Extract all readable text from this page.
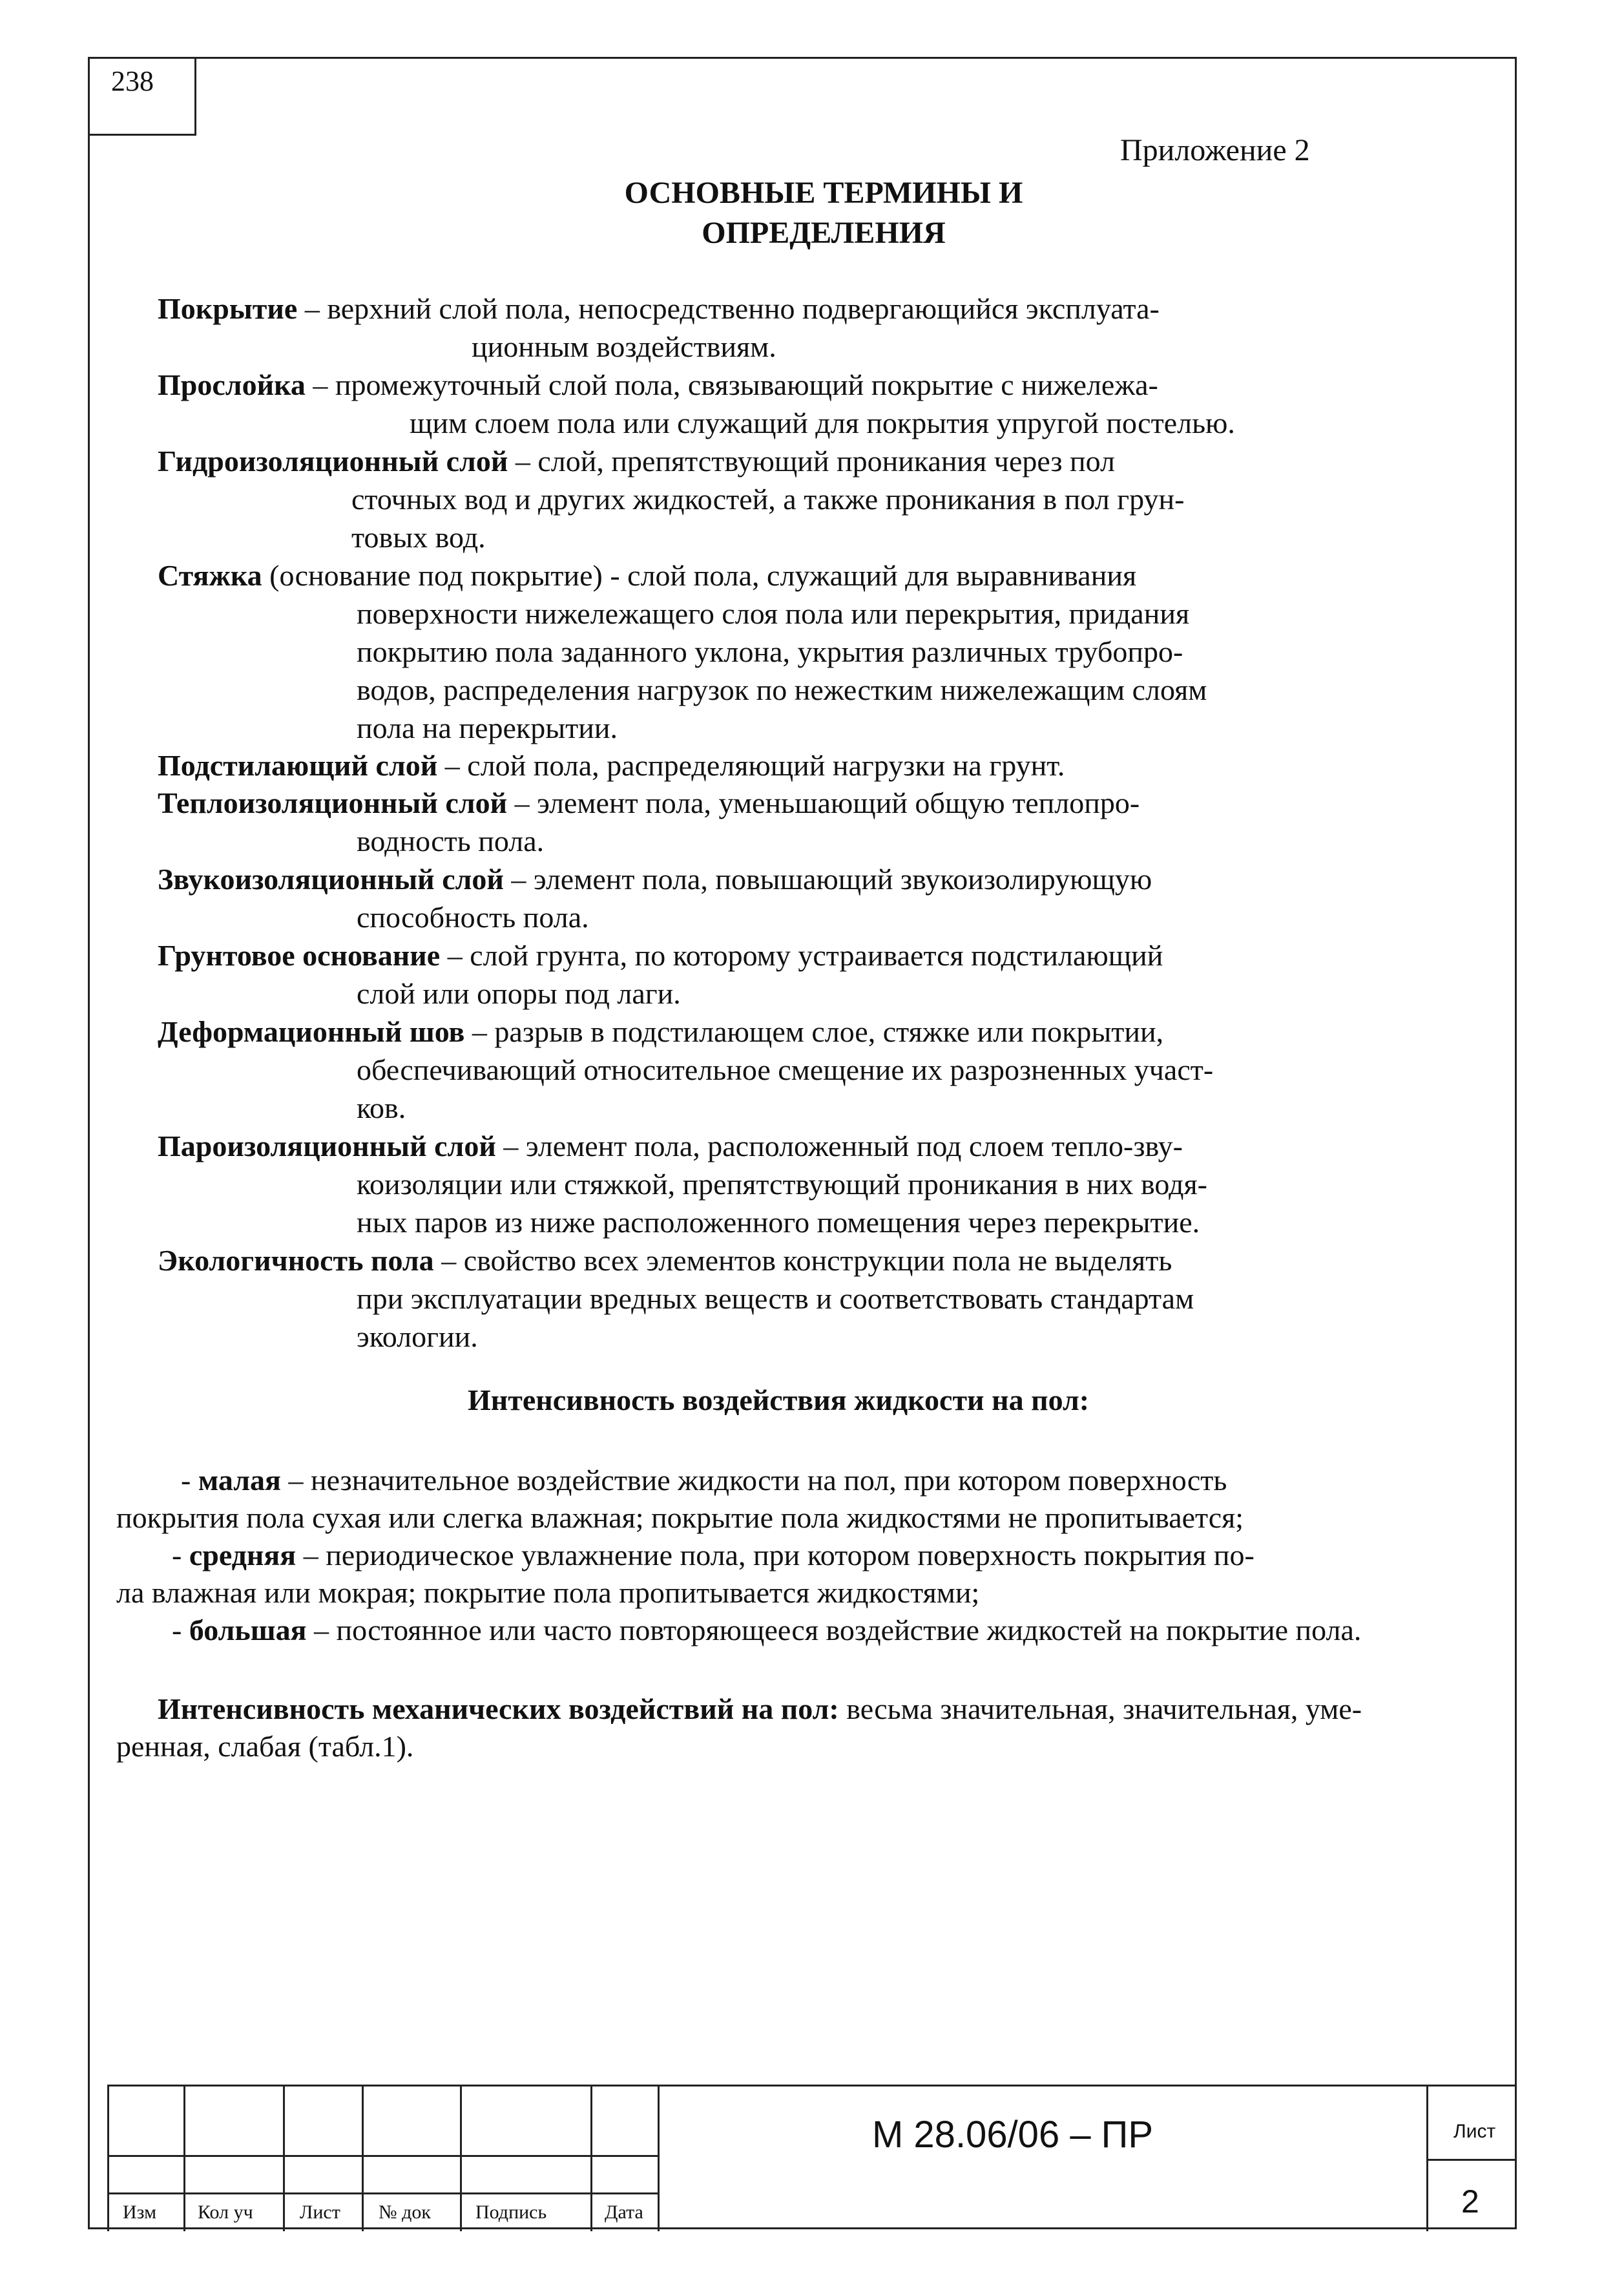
238
Приложение 2
ОСНОВНЫЕ ТЕРМИНЫ И
ОПРЕДЕЛЕНИЯ
Покрытие – верхний слой пола, непосредственно подвергающийся эксплуата-
ционным воздействиям.
Прослойка – промежуточный слой пола, связывающий покрытие с нижележа-
щим слоем пола или служащий для покрытия упругой постелью.
Гидроизоляционный слой – слой, препятствующий проникания через пол
сточных вод и других жидкостей, а также проникания в пол грун-
товых вод.
Стяжка (основание под покрытие) - слой пола, служащий для выравнивания
поверхности нижележащего слоя пола или перекрытия, придания
покрытию пола заданного уклона, укрытия различных трубопро-
водов, распределения нагрузок по нежестким нижележащим слоям
пола на перекрытии.
Подстилающий слой – слой пола, распределяющий нагрузки на грунт.
Теплоизоляционный слой – элемент пола, уменьшающий общую теплопро-
водность пола.
Звукоизоляционный слой – элемент пола, повышающий звукоизолирующую
способность пола.
Грунтовое основание – слой грунта, по которому устраивается подстилающий
слой или опоры под лаги.
Деформационный шов – разрыв в подстилающем слое, стяжке или покрытии,
обеспечивающий относительное смещение их разрозненных участ-
ков.
Пароизоляционный слой – элемент пола, расположенный под слоем тепло-зву-
коизоляции или стяжкой, препятствующий проникания в них водя-
ных паров из ниже расположенного помещения через перекрытие.
Экологичность пола – свойство всех элементов конструкции пола не выделять
при эксплуатации вредных веществ и соответствовать стандартам
экологии.
Интенсивность воздействия жидкости на пол:
- малая – незначительное воздействие жидкости на пол, при котором поверхность
покрытия пола сухая или слегка влажная; покрытие пола жидкостями не пропитывается;
- средняя – периодическое увлажнение пола, при котором поверхность покрытия по-
ла влажная или мокрая; покрытие пола пропитывается жидкостями;
- большая – постоянное или часто повторяющееся воздействие жидкостей на покрытие пола.
Интенсивность механических воздействий на пол: весьма значительная, значительная, уме-
ренная, слабая (табл.1).
Изм Кол уч Лист № док Подпись	Дата
М 28.06/06 – ПР	Лист
2
